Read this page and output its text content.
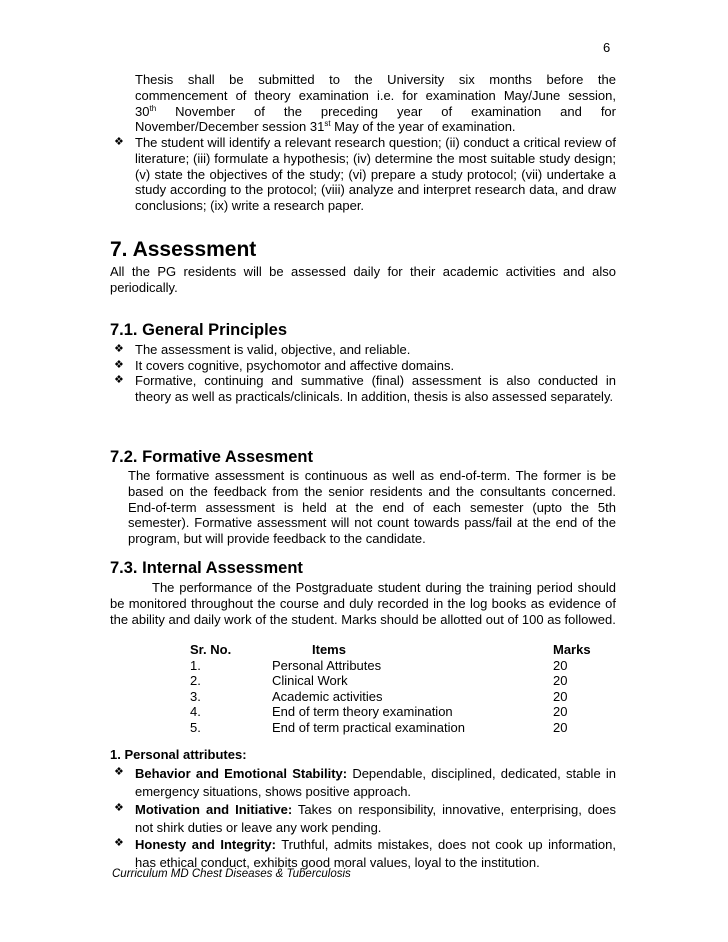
6
Thesis shall be submitted to the University six months before the
commencement of theory examination i.e. for examination May/June session,
30th November of the preceding year of examination and for
November/December session 31st May of the year of examination.
❖ The student will identify a relevant research question; (ii) conduct a critical review of literature; (iii) formulate a hypothesis; (iv) determine the most suitable study design; (v) state the objectives of the study; (vi) prepare a study protocol; (vii) undertake a study according to the protocol; (viii) analyze and interpret research data, and draw conclusions; (ix) write a research paper.
7. Assessment
All the PG residents will be assessed daily for their academic activities and also periodically.
7.1. General Principles
❖ The assessment is valid, objective, and reliable.
❖ It covers cognitive, psychomotor and affective domains.
❖ Formative, continuing and summative (final) assessment is also conducted in theory as well as practicals/clinicals. In addition, thesis is also assessed separately.
7.2. Formative Assesment
The formative assessment is continuous as well as end-of-term. The former is be based on the feedback from the senior residents and the consultants concerned. End-of-term assessment is held at the end of each semester (upto the 5th semester). Formative assessment will not count towards pass/fail at the end of the program, but will provide feedback to the candidate.
7.3. Internal Assessment
The performance of the Postgraduate student during the training period should be monitored throughout the course and duly recorded in the log books as evidence of the ability and daily work of the student. Marks should be allotted out of 100 as followed.
Sr. No.	Items	Marks
1.	Personal Attributes	20
2.	Clinical Work	20
3.	Academic activities	20
4.	End of term theory examination	20
5.	End of term practical examination	20
1. Personal attributes:
❖ Behavior and Emotional Stability: Dependable, disciplined, dedicated, stable in emergency situations, shows positive approach.
❖ Motivation and Initiative: Takes on responsibility, innovative, enterprising, does not shirk duties or leave any work pending.
❖ Honesty and Integrity: Truthful, admits mistakes, does not cook up information, has ethical conduct, exhibits good moral values, loyal to the institution.
Curriculum MD Chest Diseases & Tuberculosis
